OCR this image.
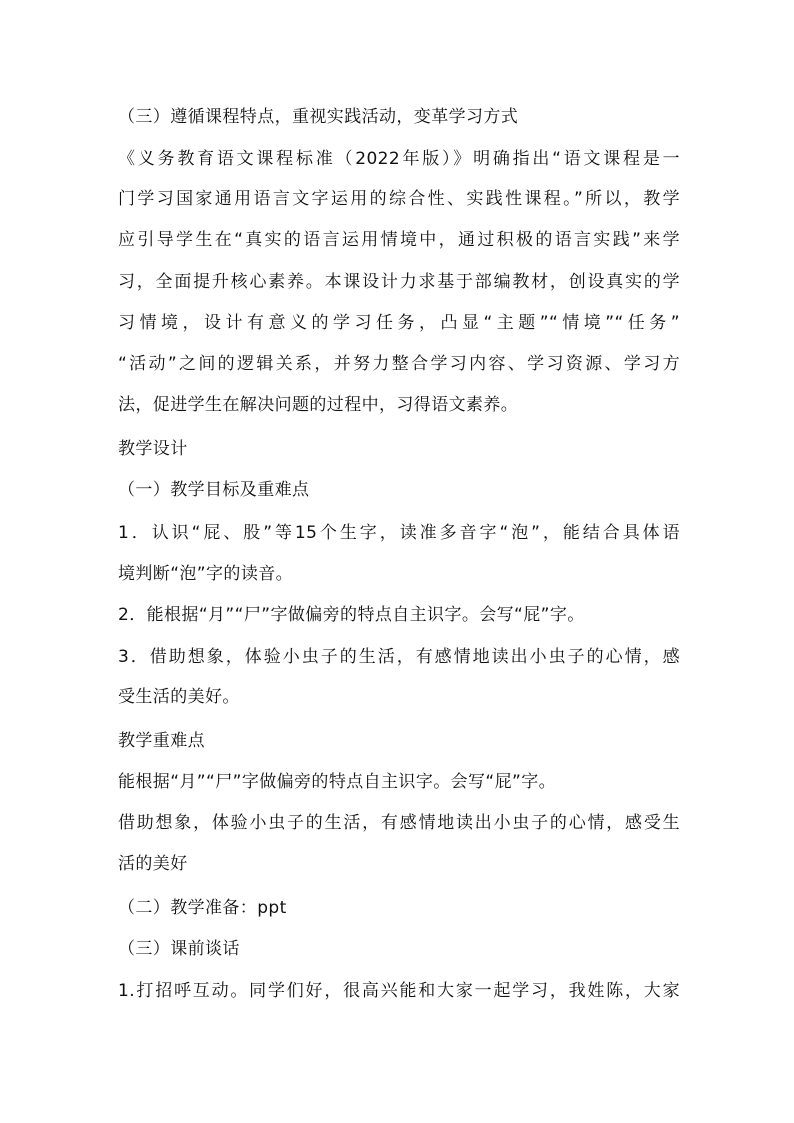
（三）遵循课程特点，重视实践活动，变革学习方式
《义务教育语文课程标准（2022年版）》明确指出“语文课程是一
门学习国家通用语言文字运用的综合性、实践性课程。”所以，教学
应引导学生在“真实的语言运用情境中，通过积极的语言实践”来学
习，全面提升核心素养。本课设计力求基于部编教材，创设真实的学
习情境，设计有意义的学习任务，凸显“主题”“情境”“任务”
“活动”之间的逻辑关系，并努力整合学习内容、学习资源、学习方
法，促进学生在解决问题的过程中，习得语文素养。
教学设计
（一）教学目标及重难点
1．认识“屁、股”等15个生字，读准多音字“泡”，能结合具体语
境判断“泡”字的读音。
2．能根据“月”“尸”字做偏旁的特点自主识字。会写“屁”字。
3．借助想象，体验小虫子的生活，有感情地读出小虫子的心情，感
受生活的美好。
教学重难点
能根据“月”“尸”字做偏旁的特点自主识字。会写“屁”字。
借助想象，体验小虫子的生活，有感情地读出小虫子的心情，感受生
活的美好
（二）教学准备：ppt
（三）课前谈话
1.打招呼互动。同学们好，很高兴能和大家一起学习，我姓陈，大家
